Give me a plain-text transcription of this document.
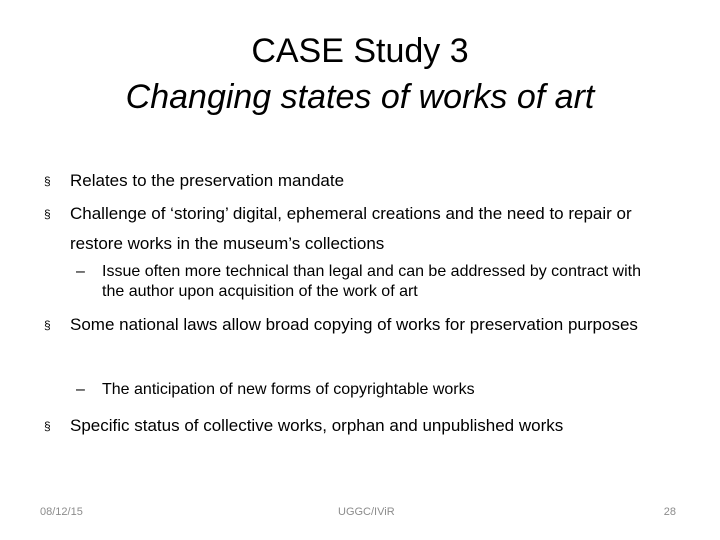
CASE Study 3
Changing states of works of art
§	Relates to the preservation mandate
§	Challenge of ‘storing’ digital, ephemeral creations and the need to repair or restore works in the museum’s collections
–	Issue often more technical than legal and can be addressed by contract with the author upon acquisition of the work of art
§	Some national laws allow broad copying of works for preservation purposes
–	The anticipation of new forms of copyrightable works
§	Specific status of collective works, orphan and unpublished works
08/12/15	UGGC/IViR	28
